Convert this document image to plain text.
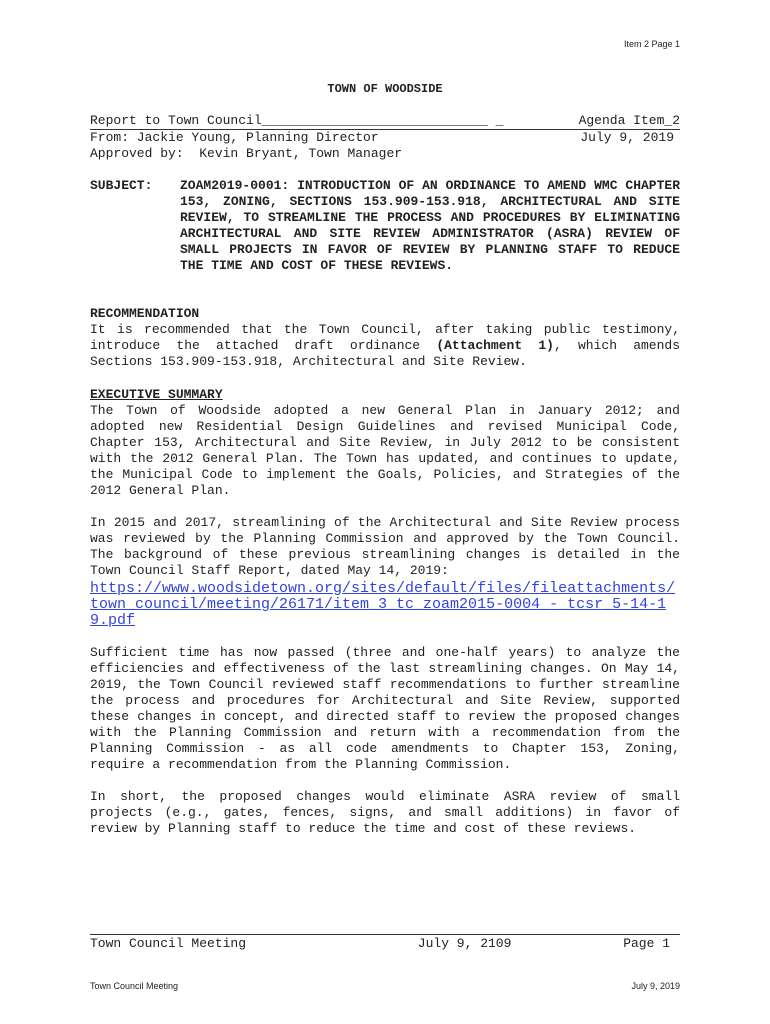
Item 2 Page 1
TOWN OF WOODSIDE
Report to Town Council_____________________________ _	Agenda Item_2
From: Jackie Young, Planning Director	July 9, 2019
Approved by:  Kevin Bryant, Town Manager
SUBJECT:	ZOAM2019-0001: INTRODUCTION OF AN ORDINANCE TO AMEND WMC CHAPTER 153, ZONING, SECTIONS 153.909-153.918, ARCHITECTURAL AND SITE REVIEW, TO STREAMLINE THE PROCESS AND PROCEDURES BY ELIMINATING ARCHITECTURAL AND SITE REVIEW ADMINISTRATOR (ASRA) REVIEW OF SMALL PROJECTS IN FAVOR OF REVIEW BY PLANNING STAFF TO REDUCE THE TIME AND COST OF THESE REVIEWS.
RECOMMENDATION
It is recommended that the Town Council, after taking public testimony, introduce the attached draft ordinance (Attachment 1), which amends Sections 153.909-153.918, Architectural and Site Review.
EXECUTIVE SUMMARY
The Town of Woodside adopted a new General Plan in January 2012; and adopted new Residential Design Guidelines and revised Municipal Code, Chapter 153, Architectural and Site Review, in July 2012 to be consistent with the 2012 General Plan. The Town has updated, and continues to update, the Municipal Code to implement the Goals, Policies, and Strategies of the 2012 General Plan.
In 2015 and 2017, streamlining of the Architectural and Site Review process was reviewed by the Planning Commission and approved by the Town Council. The background of these previous streamlining changes is detailed in the Town Council Staff Report, dated May 14, 2019:
https://www.woodsidetown.org/sites/default/files/fileattachments/town_council/meeting/26171/item_3_tc_zoam2015-0004_-_tcsr_5-14-19.pdf
Sufficient time has now passed (three and one-half years) to analyze the efficiencies and effectiveness of the last streamlining changes. On May 14, 2019, the Town Council reviewed staff recommendations to further streamline the process and procedures for Architectural and Site Review, supported these changes in concept, and directed staff to review the proposed changes with the Planning Commission and return with a recommendation from the Planning Commission - as all code amendments to Chapter 153, Zoning, require a recommendation from the Planning Commission.
In short, the proposed changes would eliminate ASRA review of small projects (e.g., gates, fences, signs, and small additions) in favor of review by Planning staff to reduce the time and cost of these reviews.
Town Council Meeting	July 9, 2109	Page 1
Town Council Meeting	July 9, 2019
